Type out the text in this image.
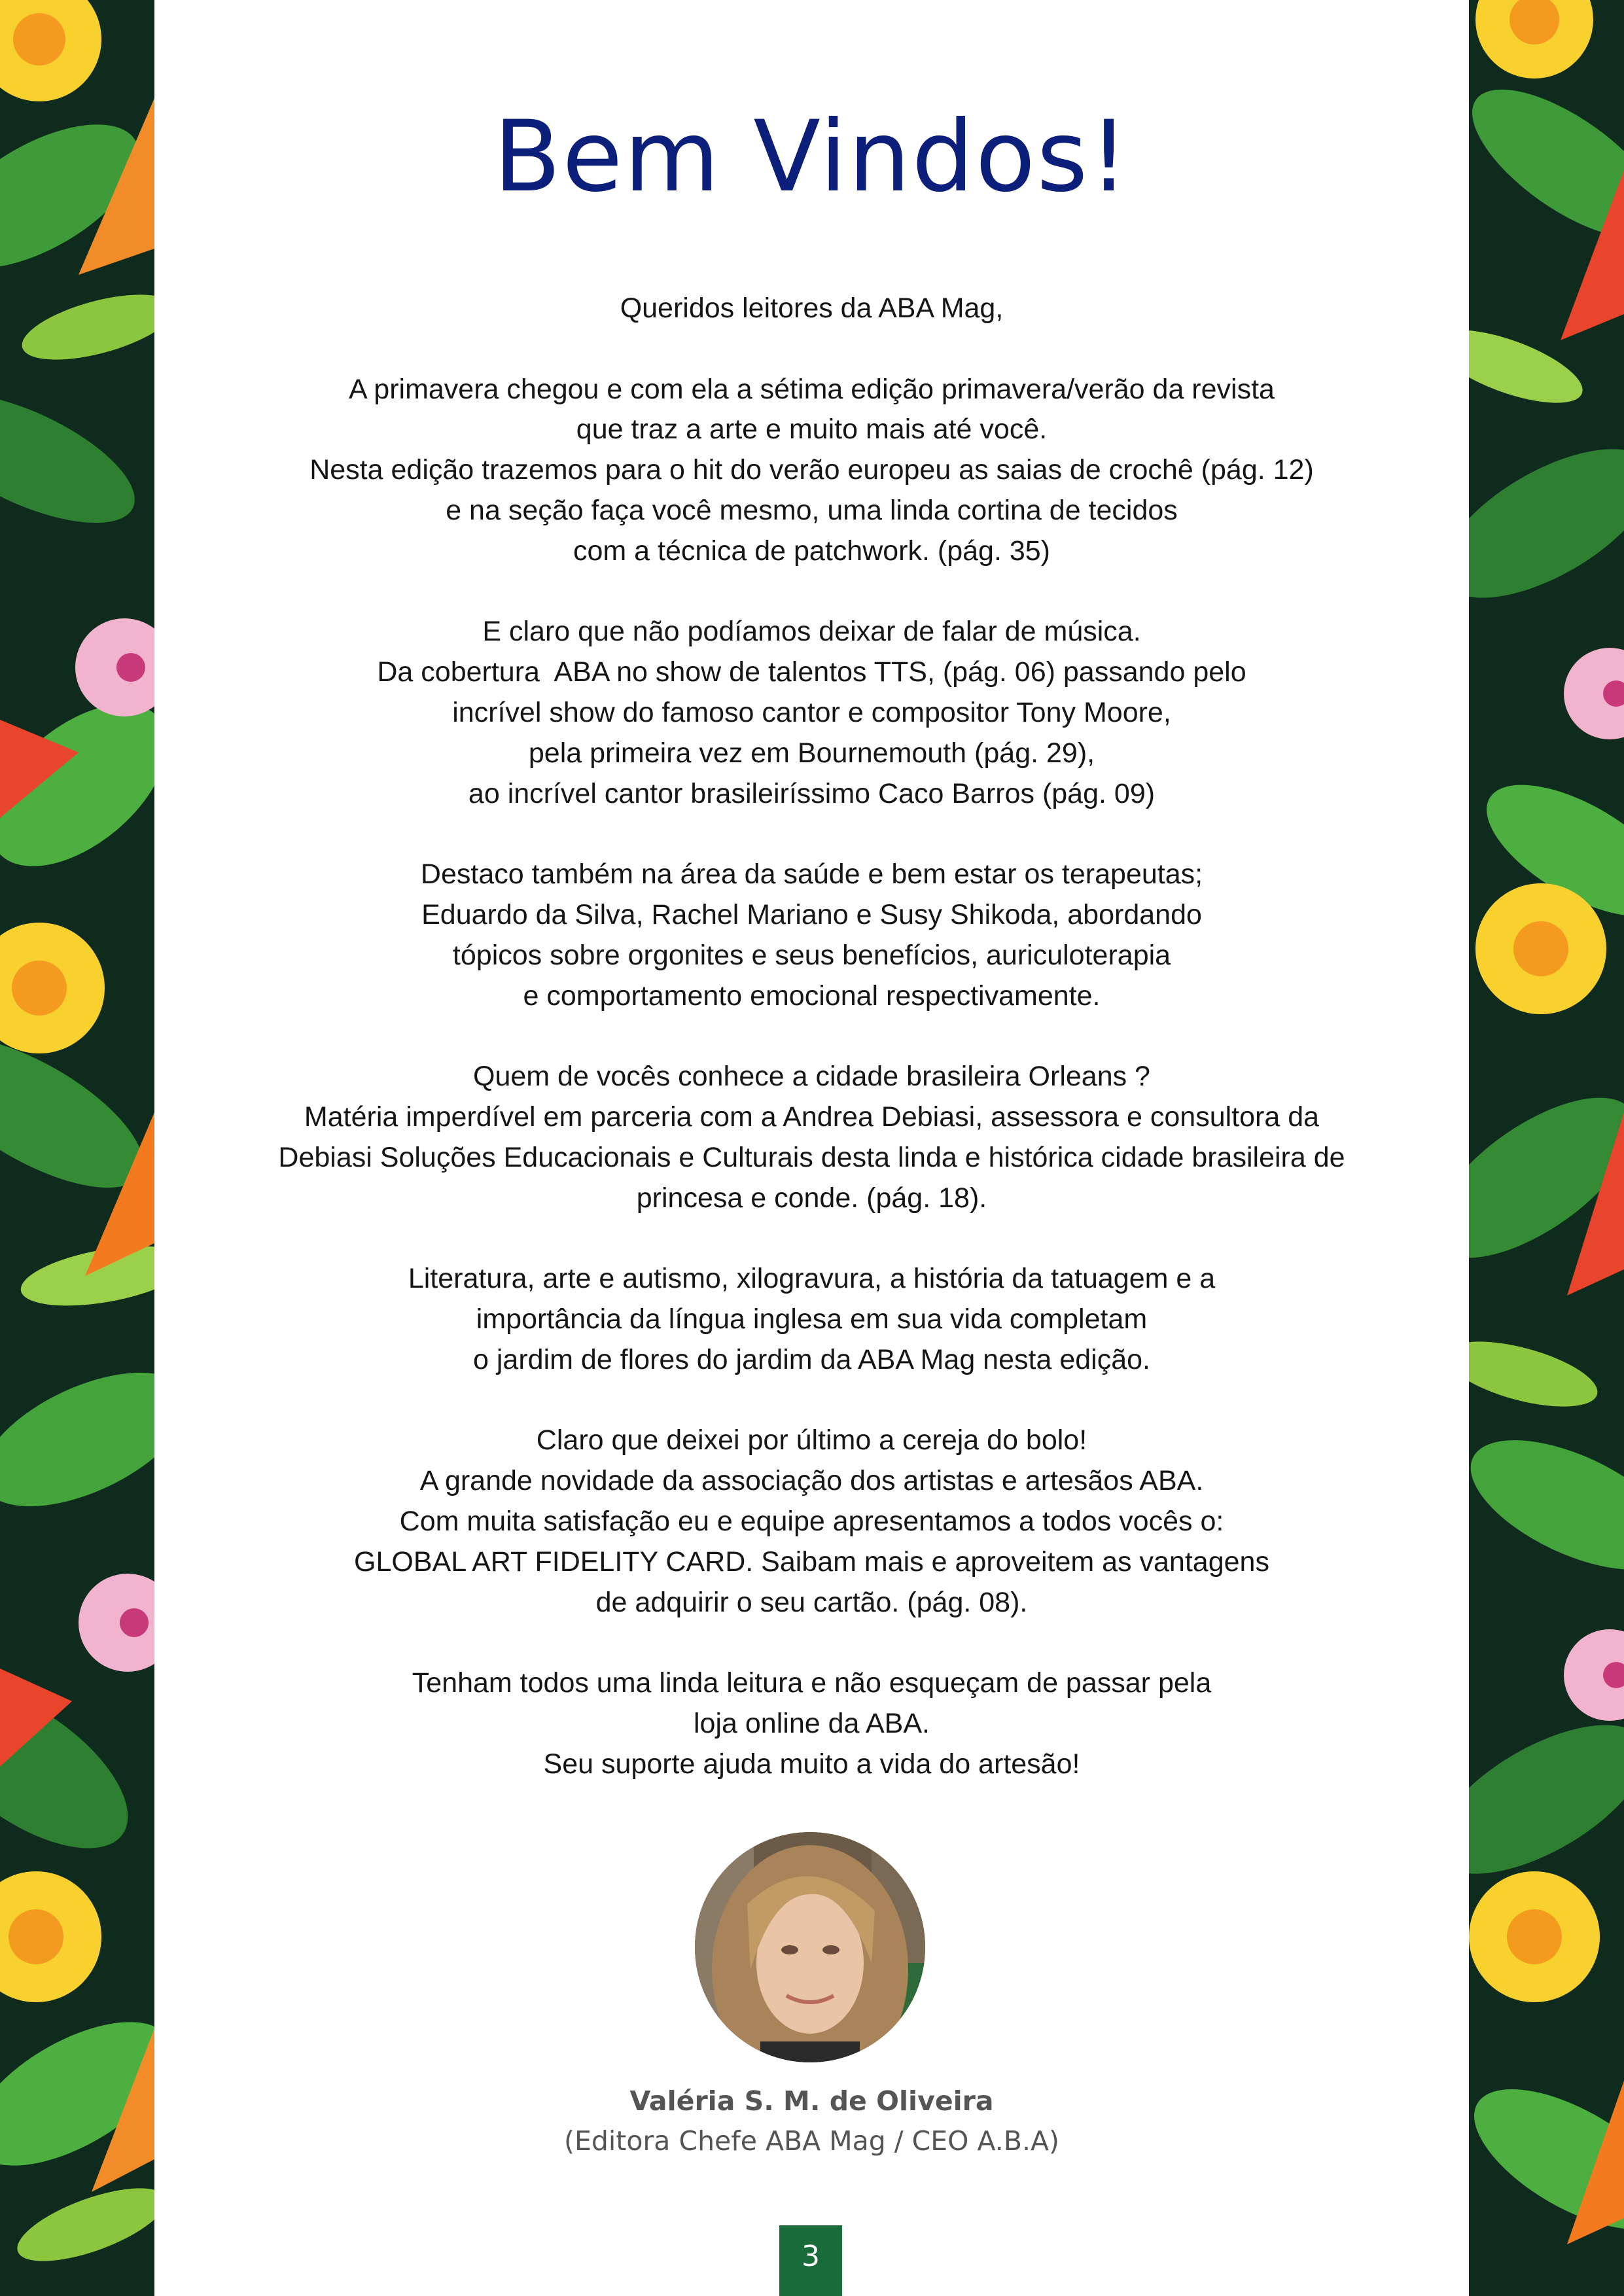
Bem Vindos!
Queridos leitores da ABA Mag,
A primavera chegou e com ela a sétima edição primavera/verão da revista
que traz a arte e muito mais até você.
Nesta edição trazemos para o hit do verão europeu as saias de crochê (pág. 12)
e na seção faça você mesmo, uma linda cortina de tecidos
com a técnica de patchwork. (pág. 35)
E claro que não podíamos deixar de falar de música.
Da cobertura  ABA no show de talentos TTS, (pág. 06) passando pelo
incrível show do famoso cantor e compositor Tony Moore,
pela primeira vez em Bournemouth (pág. 29),
ao incrível cantor brasileiríssimo Caco Barros (pág. 09)
Destaco também na área da saúde e bem estar os terapeutas;
Eduardo da Silva, Rachel Mariano e Susy Shikoda, abordando
tópicos sobre orgonites e seus benefícios, auriculoterapia
e comportamento emocional respectivamente.
Quem de vocês conhece a cidade brasileira Orleans ?
Matéria imperdível em parceria com a Andrea Debiasi, assessora e consultora da
Debiasi Soluções Educacionais e Culturais desta linda e histórica cidade brasileira de
princesa e conde. (pág. 18).
Literatura, arte e autismo, xilogravura, a história da tatuagem e a
importância da língua inglesa em sua vida completam
o jardim de flores do jardim da ABA Mag nesta edição.
Claro que deixei por último a cereja do bolo!
A grande novidade da associação dos artistas e artesãos ABA.
Com muita satisfação eu e equipe apresentamos a todos vocês o:
GLOBAL ART FIDELITY CARD. Saibam mais e aproveitem as vantagens
de adquirir o seu cartão. (pág. 08).
Tenham todos uma linda leitura e não esqueçam de passar pela
loja online da ABA.
Seu suporte ajuda muito a vida do artesão!
Valéria S. M. de Oliveira
(Editora Chefe ABA Mag / CEO A.B.A)
3
